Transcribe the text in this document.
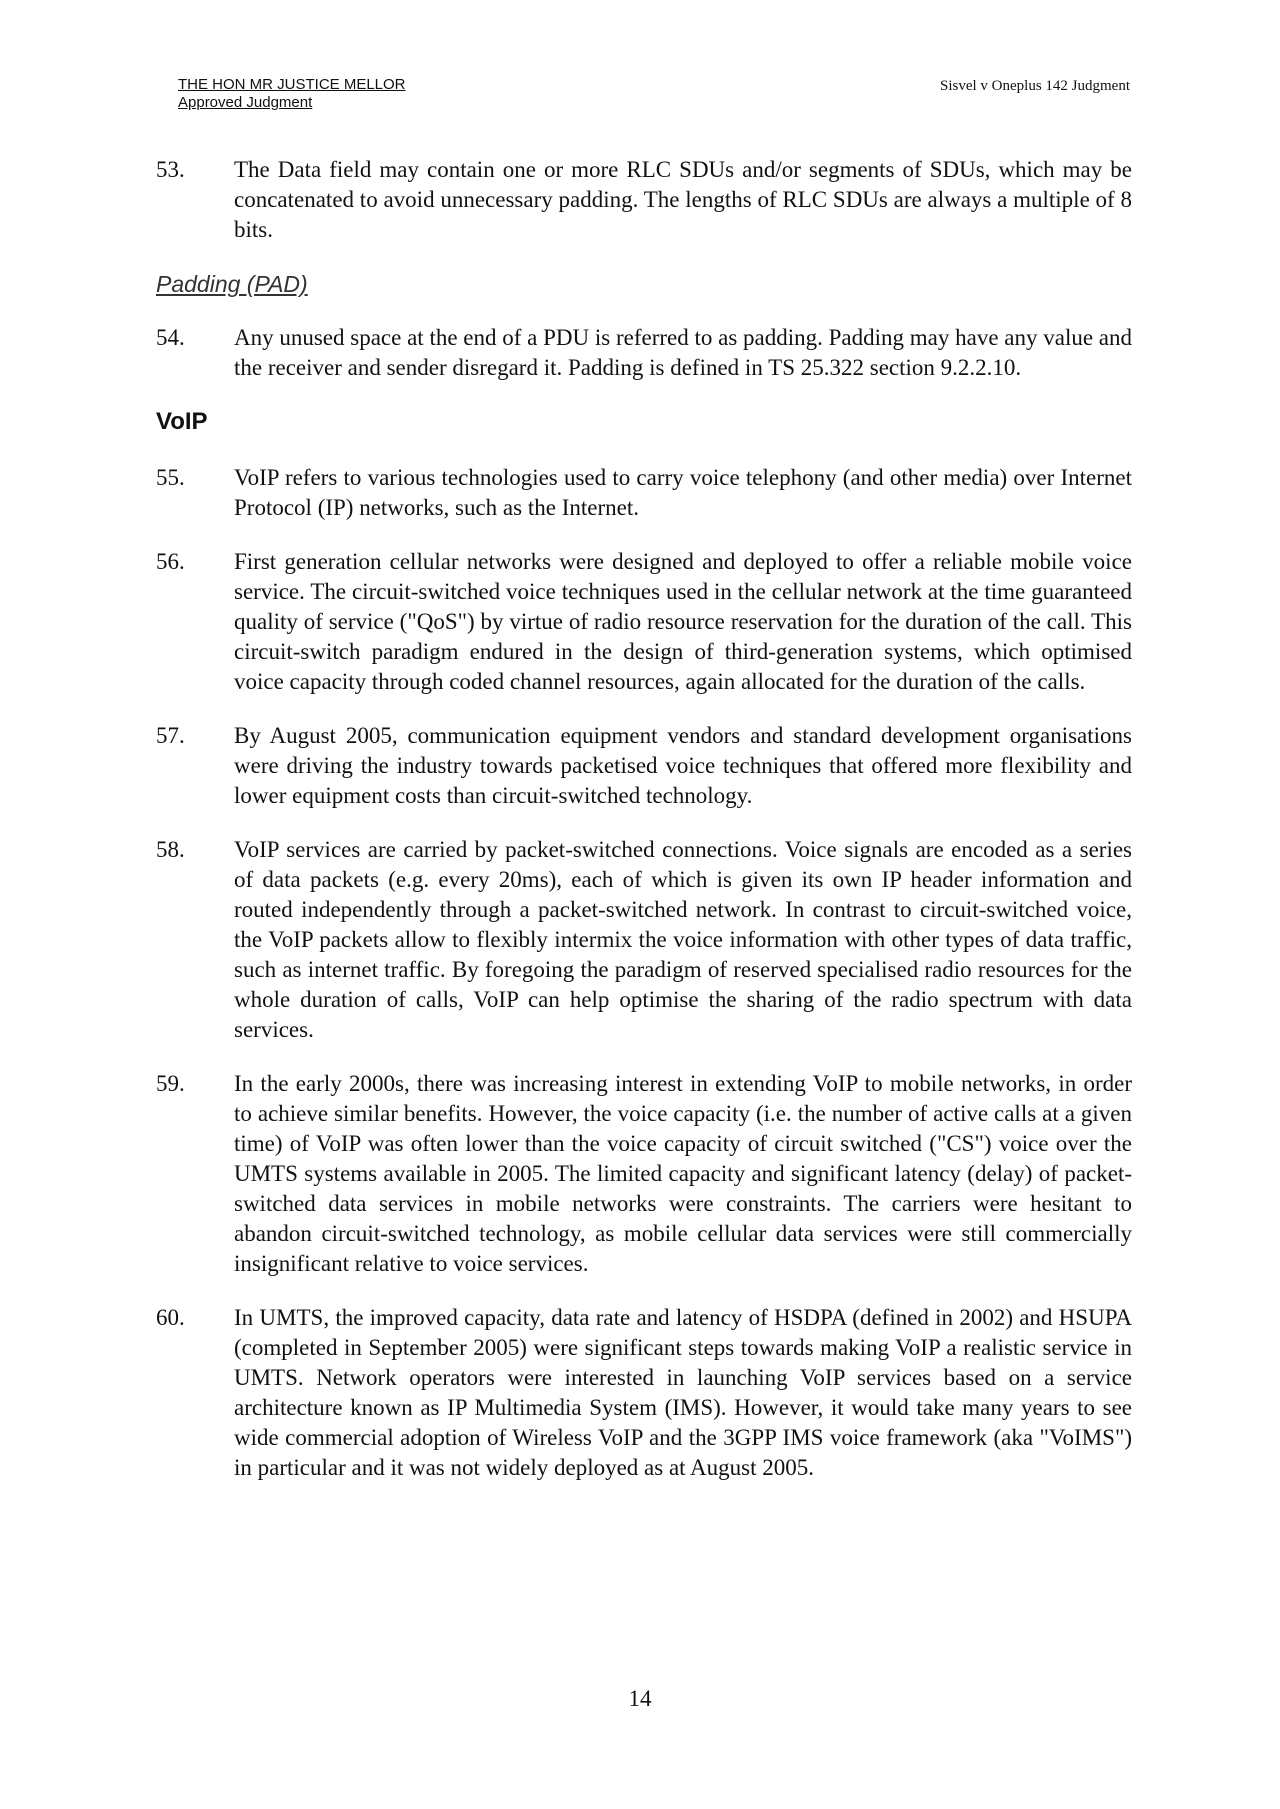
THE HON MR JUSTICE MELLOR
Approved Judgment
Sisvel v Oneplus 142 Judgment
53. The Data field may contain one or more RLC SDUs and/or segments of SDUs, which may be concatenated to avoid unnecessary padding. The lengths of RLC SDUs are always a multiple of 8 bits.
Padding (PAD)
54. Any unused space at the end of a PDU is referred to as padding. Padding may have any value and the receiver and sender disregard it. Padding is defined in TS 25.322 section 9.2.2.10.
VoIP
55. VoIP refers to various technologies used to carry voice telephony (and other media) over Internet Protocol (IP) networks, such as the Internet.
56. First generation cellular networks were designed and deployed to offer a reliable mobile voice service. The circuit-switched voice techniques used in the cellular network at the time guaranteed quality of service ("QoS") by virtue of radio resource reservation for the duration of the call. This circuit-switch paradigm endured in the design of third-generation systems, which optimised voice capacity through coded channel resources, again allocated for the duration of the calls.
57. By August 2005, communication equipment vendors and standard development organisations were driving the industry towards packetised voice techniques that offered more flexibility and lower equipment costs than circuit-switched technology.
58. VoIP services are carried by packet-switched connections. Voice signals are encoded as a series of data packets (e.g. every 20ms), each of which is given its own IP header information and routed independently through a packet-switched network. In contrast to circuit-switched voice, the VoIP packets allow to flexibly intermix the voice information with other types of data traffic, such as internet traffic. By foregoing the paradigm of reserved specialised radio resources for the whole duration of calls, VoIP can help optimise the sharing of the radio spectrum with data services.
59. In the early 2000s, there was increasing interest in extending VoIP to mobile networks, in order to achieve similar benefits. However, the voice capacity (i.e. the number of active calls at a given time) of VoIP was often lower than the voice capacity of circuit switched ("CS") voice over the UMTS systems available in 2005. The limited capacity and significant latency (delay) of packet-switched data services in mobile networks were constraints. The carriers were hesitant to abandon circuit-switched technology, as mobile cellular data services were still commercially insignificant relative to voice services.
60. In UMTS, the improved capacity, data rate and latency of HSDPA (defined in 2002) and HSUPA (completed in September 2005) were significant steps towards making VoIP a realistic service in UMTS. Network operators were interested in launching VoIP services based on a service architecture known as IP Multimedia System (IMS). However, it would take many years to see wide commercial adoption of Wireless VoIP and the 3GPP IMS voice framework (aka "VoIMS") in particular and it was not widely deployed as at August 2005.
14
